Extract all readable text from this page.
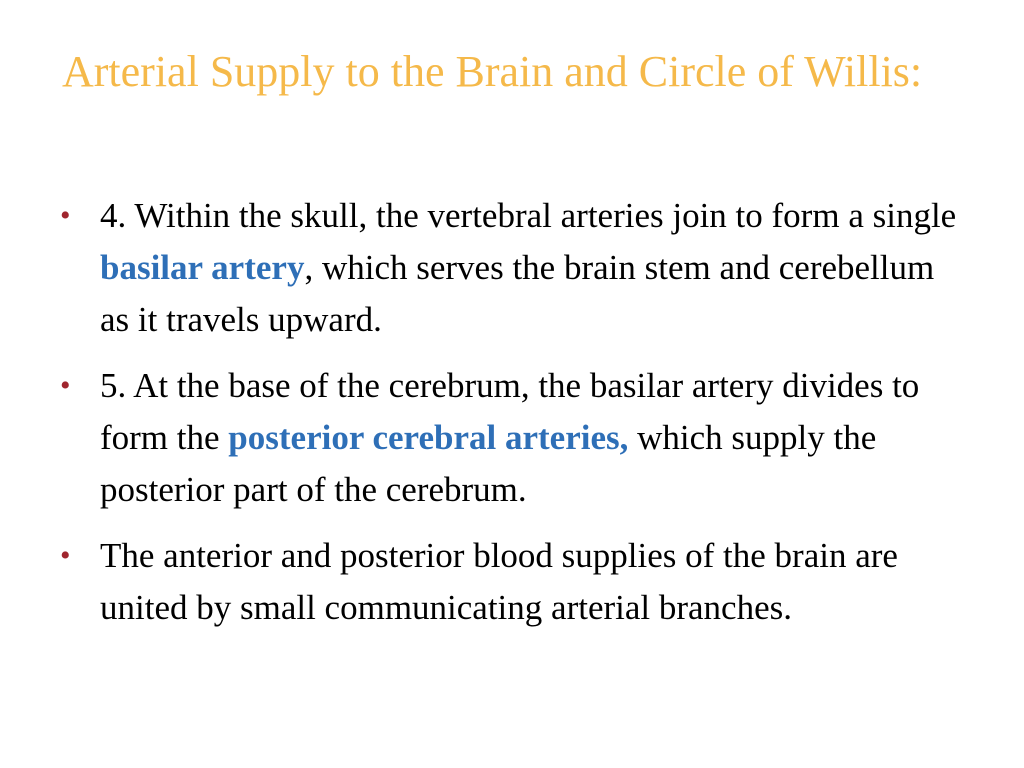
Arterial Supply to the Brain and Circle of Willis:
• 4. Within the skull, the vertebral arteries join to form a single basilar artery, which serves the brain stem and cerebellum as it travels upward.
• 5. At the base of the cerebrum, the basilar artery divides to form the posterior cerebral arteries, which supply the posterior part of the cerebrum.
• The anterior and posterior blood supplies of the brain are united by small communicating arterial branches.
